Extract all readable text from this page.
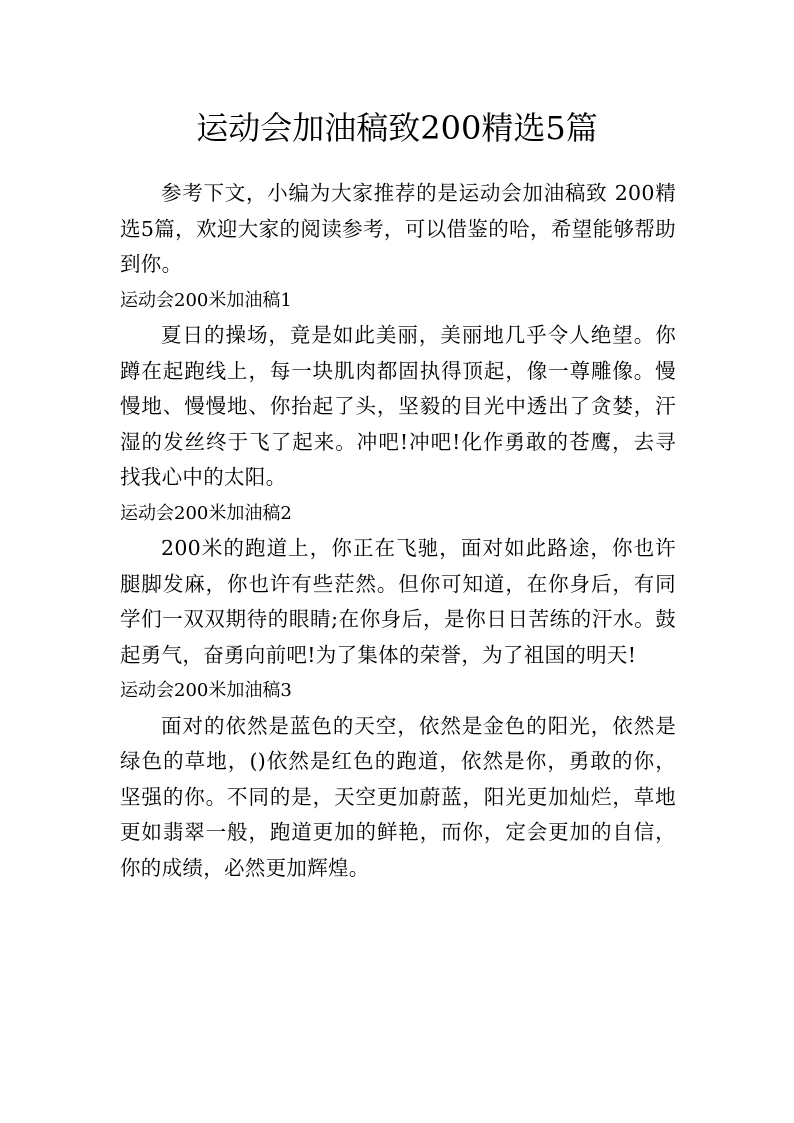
运动会加油稿致200精选5篇

参考下文，小编为大家推荐的是运动会加油稿致 200精选5篇，欢迎大家的阅读参考，可以借鉴的哈，希望能够帮助到你。

运动会200米加油稿1

夏日的操场，竟是如此美丽，美丽地几乎令人绝望。你蹲在起跑线上，每一块肌肉都固执得顶起，像一尊雕像。慢慢地、慢慢地、你抬起了头，坚毅的目光中透出了贪婪，汗湿的发丝终于飞了起来。冲吧!冲吧!化作勇敢的苍鹰，去寻找我心中的太阳。

运动会200米加油稿2

200米的跑道上，你正在飞驰，面对如此路途，你也许腿脚发麻，你也许有些茫然。但你可知道，在你身后，有同学们一双双期待的眼睛;在你身后，是你日日苦练的汗水。鼓起勇气，奋勇向前吧!为了集体的荣誉，为了祖国的明天!

运动会200米加油稿3

面对的依然是蓝色的天空，依然是金色的阳光，依然是绿色的草地，()依然是红色的跑道，依然是你，勇敢的你，坚强的你。不同的是，天空更加蔚蓝，阳光更加灿烂，草地更如翡翠一般，跑道更加的鲜艳，而你，定会更加的自信，你的成绩，必然更加辉煌。
